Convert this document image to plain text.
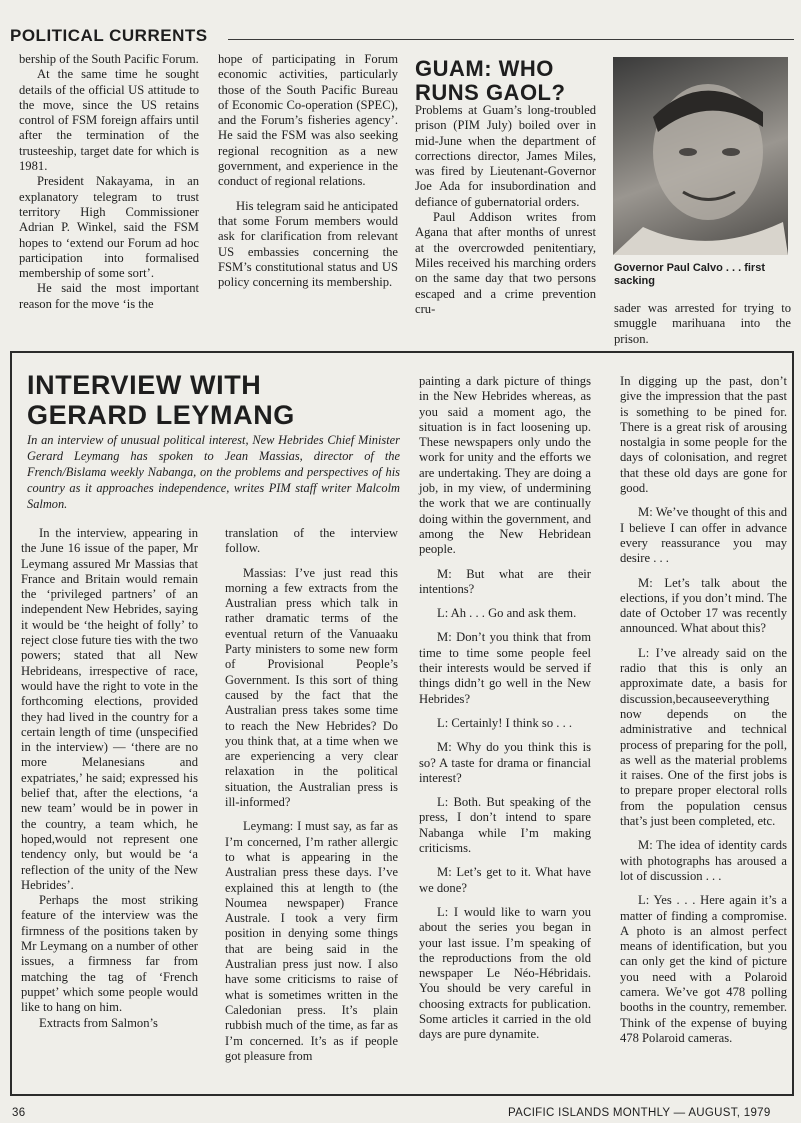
POLITICAL CURRENTS

bership of the South Pacific Forum.

At the same time he sought details of the official US attitude to the move, since the US retains control of FSM foreign affairs until after the termination of the trusteeship, target date for which is 1981.

President Nakayama, in an explanatory telegram to trust territory High Commissioner Adrian P. Winkel, said the FSM hopes to ‘extend our Forum ad hoc participation into formalised membership of some sort’.

He said the most important reason for the move ‘is the

hope of participating in Forum economic activities, particularly those of the South Pacific Bureau of Economic Co-operation (SPEC), and the Forum’s fisheries agency’. He said the FSM was also seeking regional recognition as a new government, and experience in the conduct of regional relations.

His telegram said he anticipated that some Forum members would ask for clarification from relevant US embassies concerning the FSM’s constitutional status and US policy concerning its membership.

GUAM: WHO
RUNS GAOL?

Problems at Guam’s long-troubled prison (PIM July) boiled over in mid-June when the department of corrections director, James Miles, was fired by Lieutenant-Governor Joe Ada for insubordination and defiance of gubernatorial orders.

Paul Addison writes from Agana that after months of unrest at the overcrowded penitentiary, Miles received his marching orders on the same day that two persons escaped and a crime prevention cru-

Governor Paul Calvo . . . first sacking

sader was arrested for trying to smuggle marihuana into the prison.

INTERVIEW WITH
GERARD LEYMANG
In an interview of unusual political interest, New Hebrides Chief Minister Gerard Leymang has spoken to Jean Massias, director of the French/Bislama weekly Nabanga, on the problems and perspectives of his country as it approaches independence, writes PIM staff writer Malcolm Salmon.

In the interview, appearing in the June 16 issue of the paper, Mr Leymang assured Mr Massias that France and Britain would remain the ‘privileged partners’ of an independent New Hebrides, saying it would be ‘the height of folly’ to reject close future ties with the two powers; stated that all New Hebrideans, irrespective of race, would have the right to vote in the forthcoming elections, provided they had lived in the country for a certain length of time (unspecified in the interview) — ‘there are no more Melanesians and expatriates,’ he said; expressed his belief that, after the elections, ‘a new team’ would be in power in the country, a team which, he hoped,would not represent one tendency only, but would be ‘a reflection of the unity of the New Hebrides’.

Perhaps the most striking feature of the interview was the firmness of the positions taken by Mr Leymang on a number of other issues, a firmness far from matching the tag of ‘French puppet’ which some people would like to hang on him.

Extracts from Salmon’s

translation of the interview follow.

Massias: I’ve just read this morning a few extracts from the Australian press which talk in rather dramatic terms of the eventual return of the Vanuaaku Party ministers to some new form of Provisional People’s Government. Is this sort of thing caused by the fact that the Australian press takes some time to reach the New Hebrides? Do you think that, at a time when we are experiencing a very clear relaxation in the political situation, the Australian press is ill-informed?

Leymang: I must say, as far as I’m concerned, I’m rather allergic to what is appearing in the Australian press these days. I’ve explained this at length to (the Noumea newspaper) France Australe. I took a very firm position in denying some things that are being said in the Australian press just now. I also have some criticisms to raise of what is sometimes written in the Caledonian press. It’s plain rubbish much of the time, as far as I’m concerned. It’s as if people got pleasure from

painting a dark picture of things in the New Hebrides whereas, as you said a moment ago, the situation is in fact loosening up. These newspapers only undo the work for unity and the efforts we are undertaking. They are doing a job, in my view, of undermining the work that we are continually doing within the government, and among the New Hebridean people.

M: But what are their intentions?

L: Ah . . . Go and ask them.

M: Don’t you think that from time to time some people feel their interests would be served if things didn’t go well in the New Hebrides?

L: Certainly! I think so . . .

M: Why do you think this is so? A taste for drama or financial interest?

L: Both. But speaking of the press, I don’t intend to spare Nabanga while I’m making criticisms.

M: Let’s get to it. What have we done?

L: I would like to warn you about the series you began in your last issue. I’m speaking of the reproductions from the old newspaper Le Néo-Hébridais. You should be very careful in choosing extracts for publication. Some articles it carried in the old days are pure dynamite.

In digging up the past, don’t give the impression that the past is something to be pined for. There is a great risk of arousing nostalgia in some people for the days of colonisation, and regret that these old days are gone for good.

M: We’ve thought of this and I believe I can offer in advance every reassurance you may desire . . .

M: Let’s talk about the elections, if you don’t mind. The date of October 17 was recently announced. What about this?

L: I’ve already said on the radio that this is only an approximate date, a basis for discussion,becauseeverything now depends on the administrative and technical process of preparing for the poll, as well as the material problems it raises. One of the first jobs is to prepare proper electoral rolls from the population census that’s just been completed, etc.

M: The idea of identity cards with photographs has aroused a lot of discussion . . .

L: Yes . . . Here again it’s a matter of finding a compromise. A photo is an almost perfect means of identification, but you can only get the kind of picture you need with a Polaroid camera. We’ve got 478 polling booths in the country, remember. Think of the expense of buying 478 Polaroid cameras.

36	PACIFIC ISLANDS MONTHLY — AUGUST, 1979
